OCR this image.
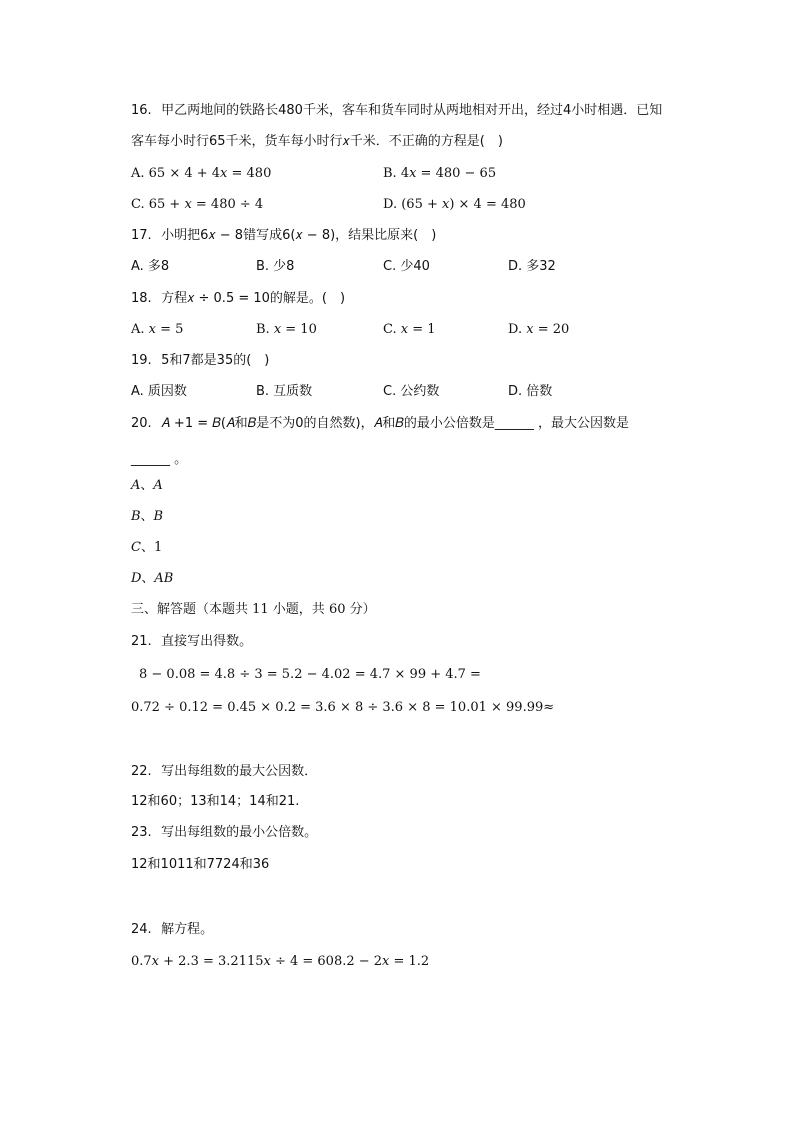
16. 甲乙两地间的铁路长480千米，客车和货车同时从两地相对开出，经过4小时相遇．已知
客车每小时行65千米，货车每小时行𝑥千米．不正确的方程是(　)
A. 65 × 4 + 4𝑥 = 480	B. 4𝑥 = 480 − 65
C. 65 + 𝑥 = 480 ÷ 4	D. (65 + 𝑥) × 4 = 480
17. 小明把6𝑥 − 8错写成6(𝑥 − 8)，结果比原来(　)
A. 多8	B. 少8	C. 少40	D. 多32
18. 方程𝑥 ÷ 0.5 = 10的解是。(　)
A. 𝑥 = 5	B. 𝑥 = 10	C. 𝑥 = 1	D. 𝑥 = 20
19. 5和7都是35的(　)
A. 质因数	B. 互质数	C. 公约数	D. 倍数
20. 𝐴 +1 = 𝐵(𝐴和𝐵是不为0的自然数)，𝐴和𝐵的最小公倍数是______ ，最大公因数是
______ 。
𝐴、𝐴
𝐵、𝐵
𝐶、1
𝐷、𝐴𝐵
三、解答题（本题共 11 小题，共 60 分）
21. 直接写出得数。
8 − 0.08 = 4.8 ÷ 3 = 5.2 − 4.02 = 4.7 × 99 + 4.7 =
0.72 ÷ 0.12 = 0.45 × 0.2 = 3.6 × 8 ÷ 3.6 × 8 = 10.01 × 99.99≈
22. 写出每组数的最大公因数．
12和60；13和14；14和21.
23. 写出每组数的最小公倍数。
12和1011和7724和36
24. 解方程。
0.7𝑥 + 2.3 = 3.2115𝑥 ÷ 4 = 608.2 − 2𝑥 = 1.2
